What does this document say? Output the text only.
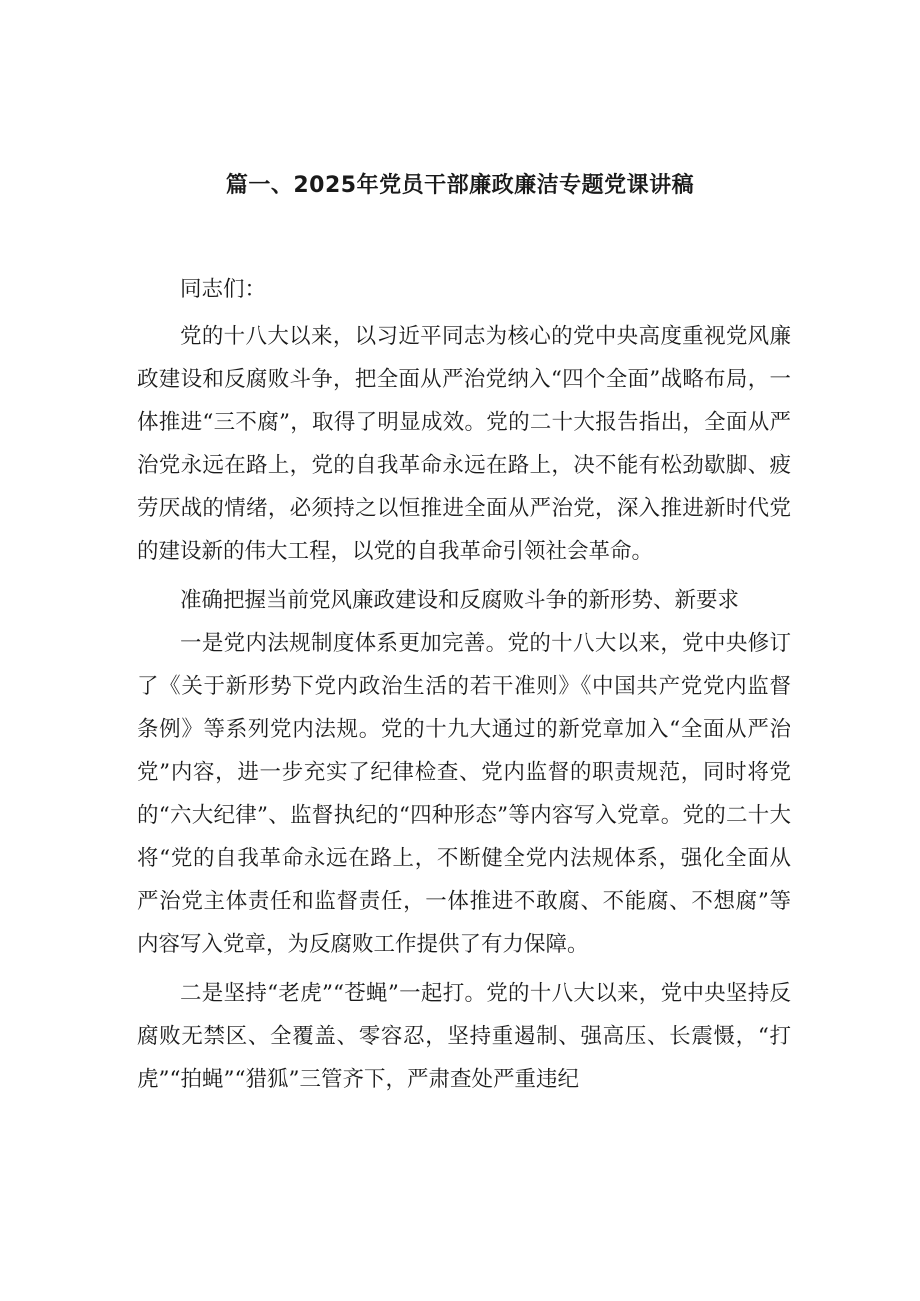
篇一、2025年党员干部廉政廉洁专题党课讲稿

同志们：

党的十八大以来，以习近平同志为核心的党中央高度重视党风廉政建设和反腐败斗争，把全面从严治党纳入“四个全面”战略布局，一体推进“三不腐”，取得了明显成效。党的二十大报告指出，全面从严治党永远在路上，党的自我革命永远在路上，决不能有松劲歇脚、疲劳厌战的情绪，必须持之以恒推进全面从严治党，深入推进新时代党的建设新的伟大工程，以党的自我革命引领社会革命。

准确把握当前党风廉政建设和反腐败斗争的新形势、新要求

一是党内法规制度体系更加完善。党的十八大以来，党中央修订了《关于新形势下党内政治生活的若干准则》《中国共产党党内监督条例》等系列党内法规。党的十九大通过的新党章加入“全面从严治党”内容，进一步充实了纪律检查、党内监督的职责规范，同时将党的“六大纪律”、监督执纪的“四种形态”等内容写入党章。党的二十大将“党的自我革命永远在路上，不断健全党内法规体系，强化全面从严治党主体责任和监督责任，一体推进不敢腐、不能腐、不想腐”等内容写入党章，为反腐败工作提供了有力保障。

二是坚持“老虎”“苍蝇”一起打。党的十八大以来，党中央坚持反腐败无禁区、全覆盖、零容忍，坚持重遏制、强高压、长震慑，“打虎”“拍蝇”“猎狐”三管齐下，严肃查处严重违纪
